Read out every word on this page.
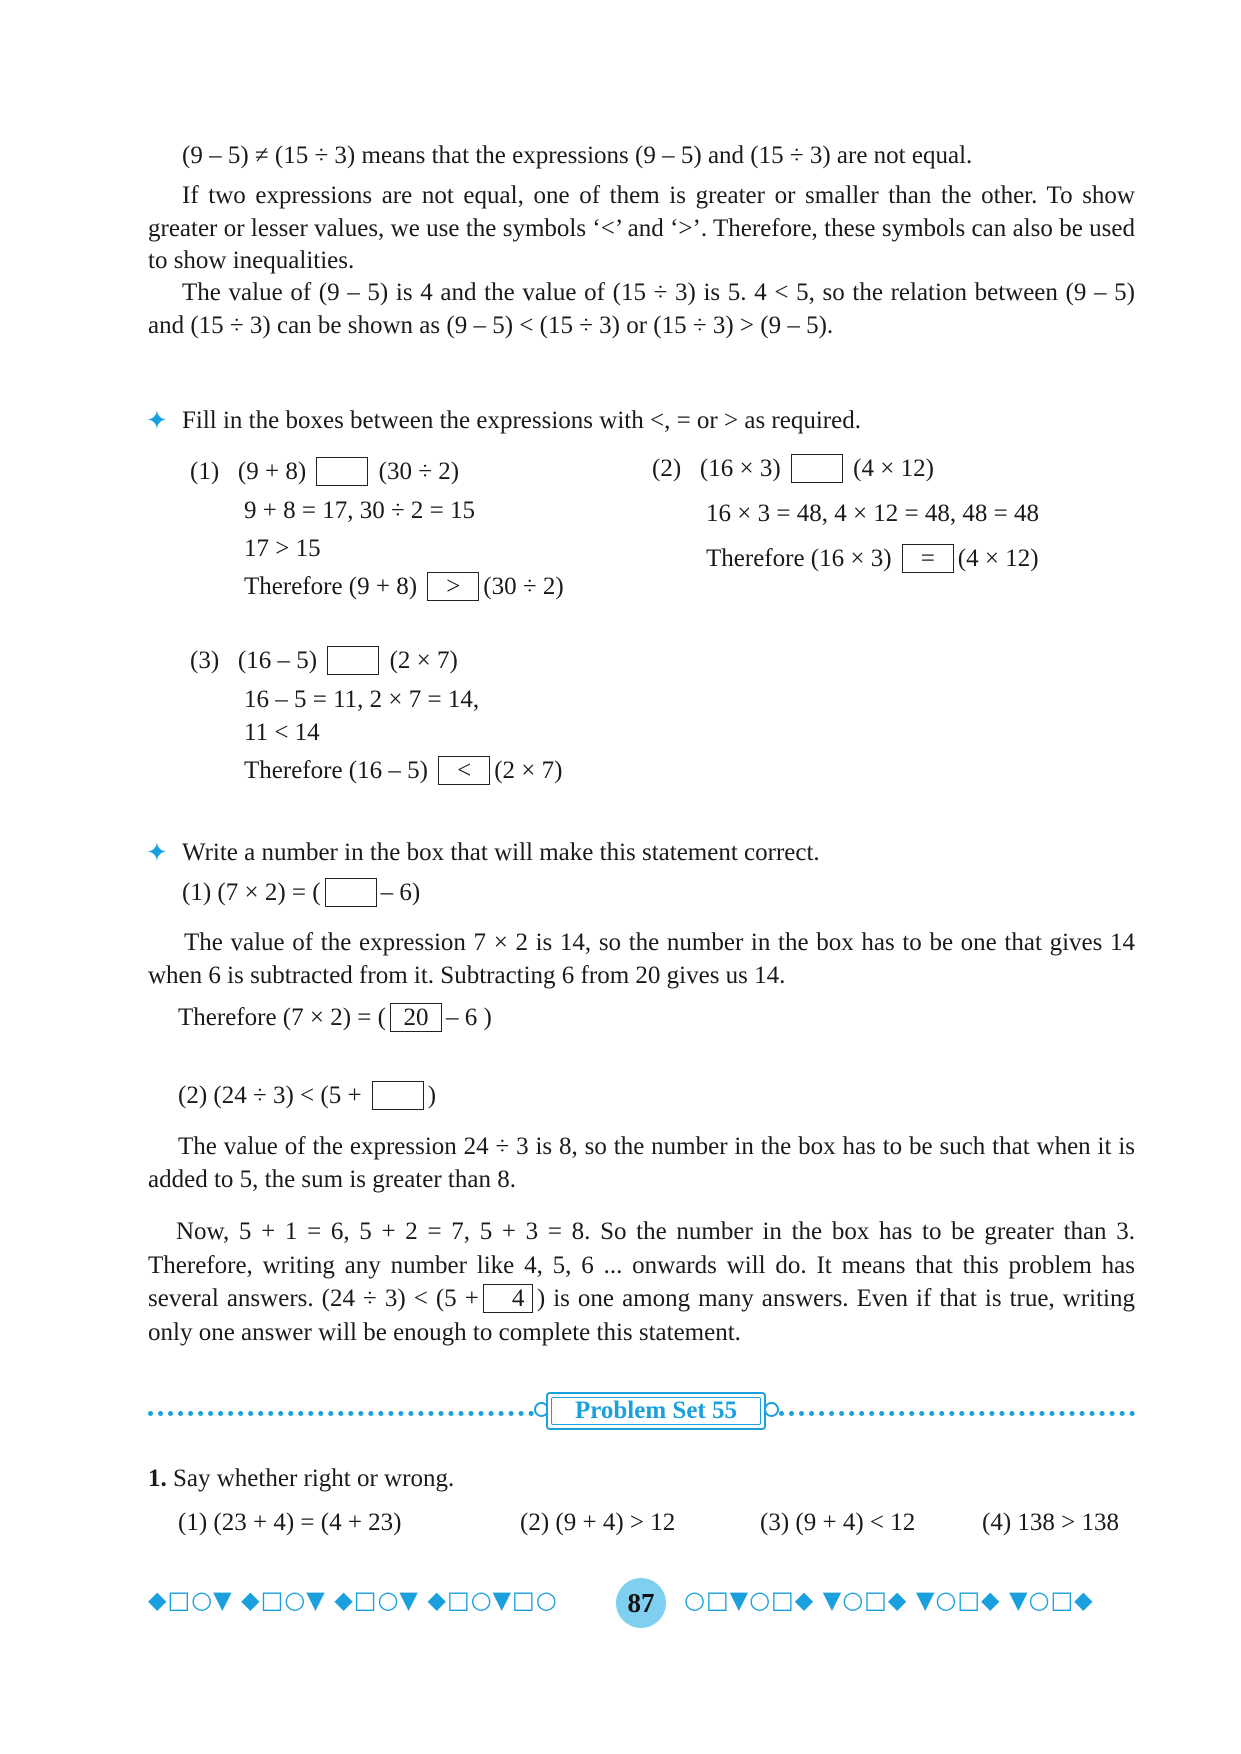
(9 – 5) ≠ (15 ÷ 3) means that the expressions (9 – 5) and (15 ÷ 3) are not equal.
If two expressions are not equal, one of them is greater or smaller than the other. To show greater or lesser values, we use the symbols ‘<’ and ‘>’. Therefore, these symbols can also be used to show inequalities.
The value of (9 – 5) is 4 and the value of (15 ÷ 3) is 5. 4 < 5, so the relation between (9 – 5) and (15 ÷ 3) can be shown as (9 – 5) < (15 ÷ 3) or (15 ÷ 3) > (9 – 5).
✦ Fill in the boxes between the expressions with <, = or > as required.
(1) (9 + 8)	(30 ÷ 2)
9 + 8 = 17, 30 ÷ 2 = 15
17 > 15
Therefore (9 + 8) > (30 ÷ 2)
(2) (16 × 3)	(4 × 12)
16 × 3 = 48, 4 × 12 = 48, 48 = 48
Therefore (16 × 3) = (4 × 12)
(3) (16 – 5)	(2 × 7)
16 – 5 = 11, 2 × 7 = 14,
11 < 14
Therefore (16 – 5) < (2 × 7)
✦ Write a number in the box that will make this statement correct.
(1) (7 × 2) = ( – 6)
The value of the expression 7 × 2 is 14, so the number in the box has to be one that gives 14 when 6 is subtracted from it. Subtracting 6 from 20 gives us 14.
Therefore (7 × 2) = ( 20 – 6 )
(2) (24 ÷ 3) < (5 +	)
The value of the expression 24 ÷ 3 is 8, so the number in the box has to be such that when it is added to 5, the sum is greater than 8.
Now, 5 + 1 = 6, 5 + 2 = 7, 5 + 3 = 8. So the number in the box has to be greater than 3. Therefore, writing any number like 4, 5, 6 ... onwards will do. It means that this problem has several answers. (24 ÷ 3) < (5 + 4 ) is one among many answers. Even if that is true, writing only one answer will be enough to complete this statement.
Problem Set 55
1. Say whether right or wrong.
(1) (23 + 4) = (4 + 23)	(2) (9 + 4) > 12	(3) (9 + 4) < 12	(4) 138 > 138
◆□○▼ ◆□○▼ ◆□○▼ ◆□○▼□○	87	○□▼○□◆ ▼○□◆ ▼○□◆ ▼○□◆
